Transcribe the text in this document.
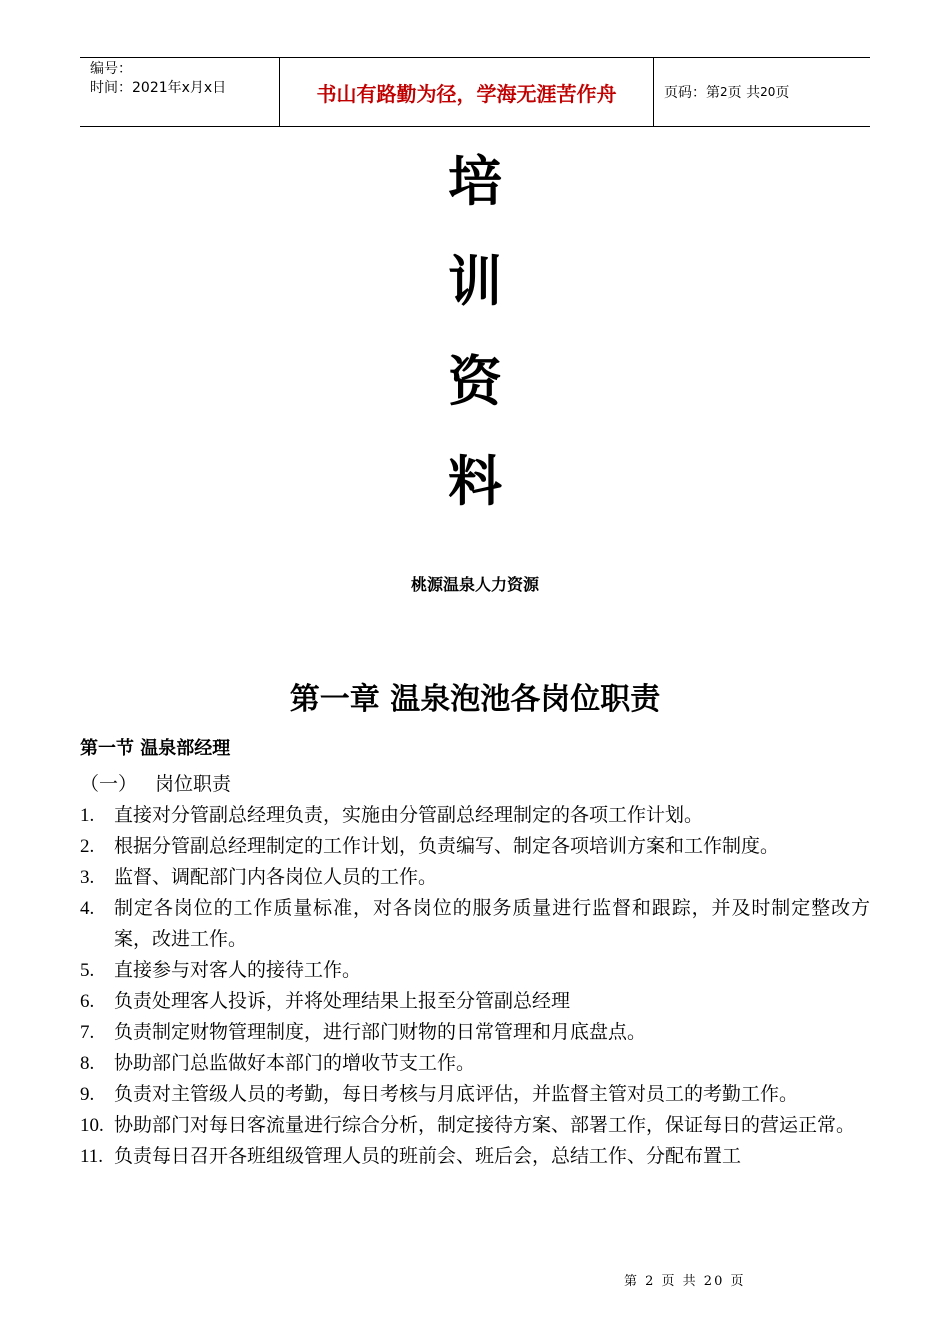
编号：
时间：2021年x月x日	书山有路勤为径，学海无涯苦作舟	页码：第 2 页 共 20 页
培
训
资
料
桃源温泉人力资源
第一章 温泉泡池各岗位职责
第一节 温泉部经理
（一） 岗位职责
1.	直接对分管副总经理负责，实施由分管副总经理制定的各项工作计划。
2.	根据分管副总经理制定的工作计划，负责编写、制定各项培训方案和工作制度。
3.	监督、调配部门内各岗位人员的工作。
4.	制定各岗位的工作质量标准，对各岗位的服务质量进行监督和跟踪，并及时制定整改方案，改进工作。
5.	直接参与对客人的接待工作。
6.	负责处理客人投诉，并将处理结果上报至分管副总经理
7.	负责制定财物管理制度，进行部门财物的日常管理和月底盘点。
8.	协助部门总监做好本部门的增收节支工作。
9.	负责对主管级人员的考勤，每日考核与月底评估，并监督主管对员工的考勤工作。
10. 协助部门对每日客流量进行综合分析，制定接待方案、部署工作，保证每日的营运正常。
11. 负责每日召开各班组级管理人员的班前会、班后会，总结工作、分配布置工
第 2 页 共 20 页
